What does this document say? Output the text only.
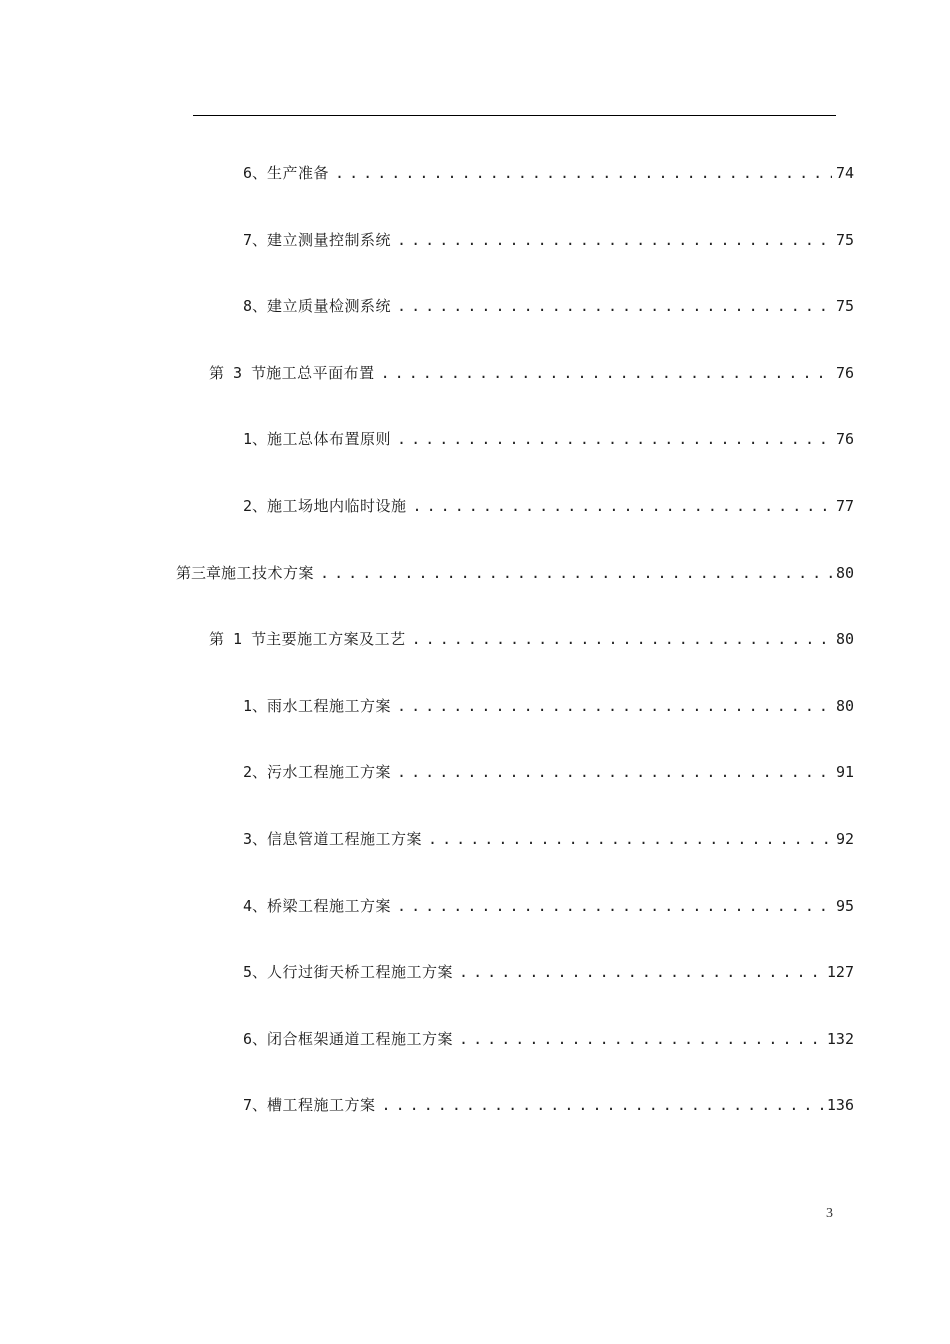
6、 生产准备 . . .	74
7、 建立测量控制系统 . . .	75
8、 建立质量检测系统 . . .	75
第 3 节 施工总平面布置 . . .	76
1、 施工总体布置原则 . . .	76
2、 施工场地内临时设施 . . .	77
第三章 施工技术方案 . . .	80
第 1 节 主要施工方案及工艺 . . .	80
1、 雨水工程施工方案 . . .	80
2、 污水工程施工方案 . . .	91
3、 信息管道工程施工方案 . . .	92
4、 桥梁工程施工方案 . . .	95
5、 人行过街天桥工程施工方案 . . .	127
6、 闭合框架通道工程施工方案 . . .	132
7、 槽工程施工方案 . . .	136
3
